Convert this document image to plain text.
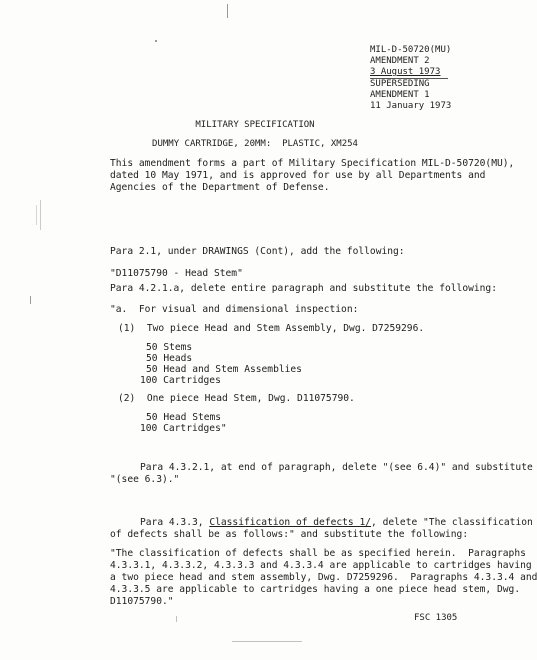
MIL-D-50720(MU)
AMENDMENT 2
3 August 1973
SUPERSEDING
AMENDMENT 1
11 January 1973
MILITARY SPECIFICATION
DUMMY CARTRIDGE, 20MM:  PLASTIC, XM254
This amendment forms a part of Military Specification MIL-D-50720(MU),
dated 10 May 1971, and is approved for use by all Departments and
Agencies of the Department of Defense.
Para 2.1, under DRAWINGS (Cont), add the following:
"D11075790 - Head Stem"
Para 4.2.1.a, delete entire paragraph and substitute the following:
"a.  For visual and dimensional inspection:
(1)  Two piece Head and Stem Assembly, Dwg. D7259296.
50 Stems
50 Heads
50 Head and Stem Assemblies
100 Cartridges
(2)  One piece Head Stem, Dwg. D11075790.
50 Head Stems
100 Cartridges"
Para 4.3.2.1, at end of paragraph, delete "(see 6.4)" and substitute
"(see 6.3)."
Para 4.3.3, Classification of defects 1/, delete "The classification
of defects shall be as follows:" and substitute the following:
"The classification of defects shall be as specified herein.  Paragraphs
4.3.3.1, 4.3.3.2, 4.3.3.3 and 4.3.3.4 are applicable to cartridges having
a two piece head and stem assembly, Dwg. D7259296.  Paragraphs 4.3.3.4 and
4.3.3.5 are applicable to cartridges having a one piece head stem, Dwg.
D11075790."
FSC 1305
